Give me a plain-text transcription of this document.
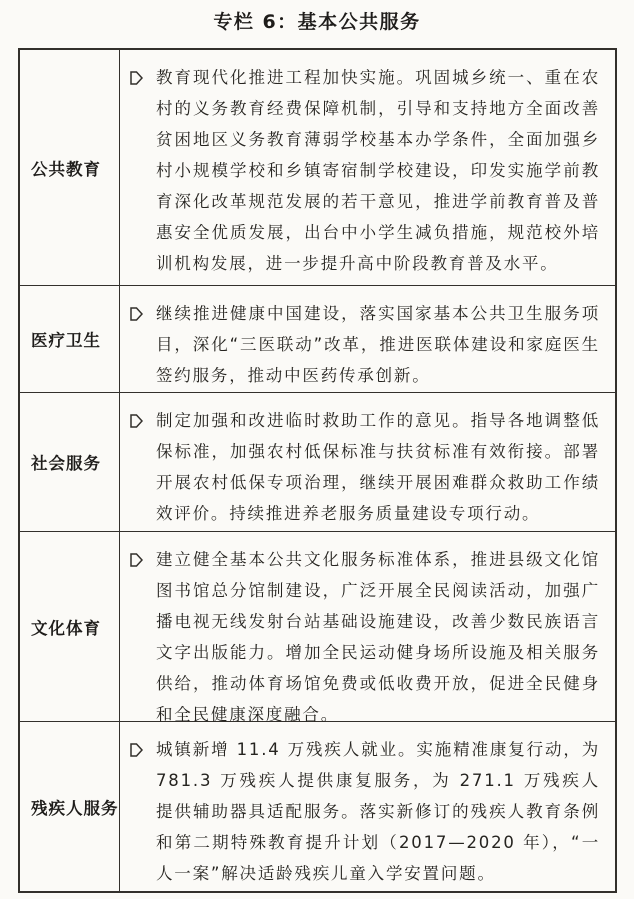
专栏 6：基本公共服务
公共教育

教育现代化推进工程加快实施。巩固城乡统一、重在农村的义务教育经费保障机制，引导和支持地方全面改善贫困地区义务教育薄弱学校基本办学条件，全面加强乡村小规模学校和乡镇寄宿制学校建设，印发实施学前教育深化改革规范发展的若干意见，推进学前教育普及普惠安全优质发展，出台中小学生减负措施，规范校外培训机构发展，进一步提升高中阶段教育普及水平。

医疗卫生

继续推进健康中国建设，落实国家基本公共卫生服务项目，深化“三医联动”改革，推进医联体建设和家庭医生签约服务，推动中医药传承创新。

社会服务

制定加强和改进临时救助工作的意见。指导各地调整低保标准，加强农村低保标准与扶贫标准有效衔接。部署开展农村低保专项治理，继续开展困难群众救助工作绩效评价。持续推进养老服务质量建设专项行动。

文化体育

建立健全基本公共文化服务标准体系，推进县级文化馆图书馆总分馆制建设，广泛开展全民阅读活动，加强广播电视无线发射台站基础设施建设，改善少数民族语言文字出版能力。增加全民运动健身场所设施及相关服务供给，推动体育场馆免费或低收费开放，促进全民健身和全民健康深度融合。

残疾人服务

城镇新增 11.4 万残疾人就业。实施精准康复行动，为 781.3 万残疾人提供康复服务，为 271.1 万残疾人提供辅助器具适配服务。落实新修订的残疾人教育条例和第二期特殊教育提升计划（2017—2020 年），“一人一案”解决适龄残疾儿童入学安置问题。
